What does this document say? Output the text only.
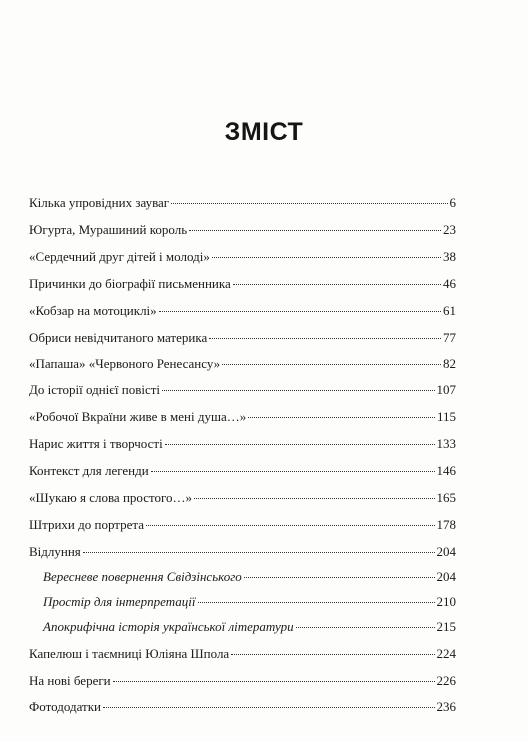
ЗМІСТ
Кілька упровідних зауваг	6
Югурта, Мурашиний король	23
«Сердечний друг дітей і молоді»	38
Причинки до біографії письменника	46
«Кобзар на мотоциклі»	61
Обриси невідчитаного материка	77
«Папаша» «Червоного Ренесансу»	82
До історії однієї повісті	107
«Робочої Вкраїни живе в мені душа…»	115
Нарис життя і творчості	133
Контекст для легенди	146
«Шукаю я слова простого…»	165
Штрихи до портрета	178
Відлуння	204
Вересневе повернення Свідзінського	204
Простір для інтерпретації	210
Апокрифічна історія української літератури	215
Капелюш і таємниці Юліяна Шпола	224
На нові береги	226
Фотододатки	236
